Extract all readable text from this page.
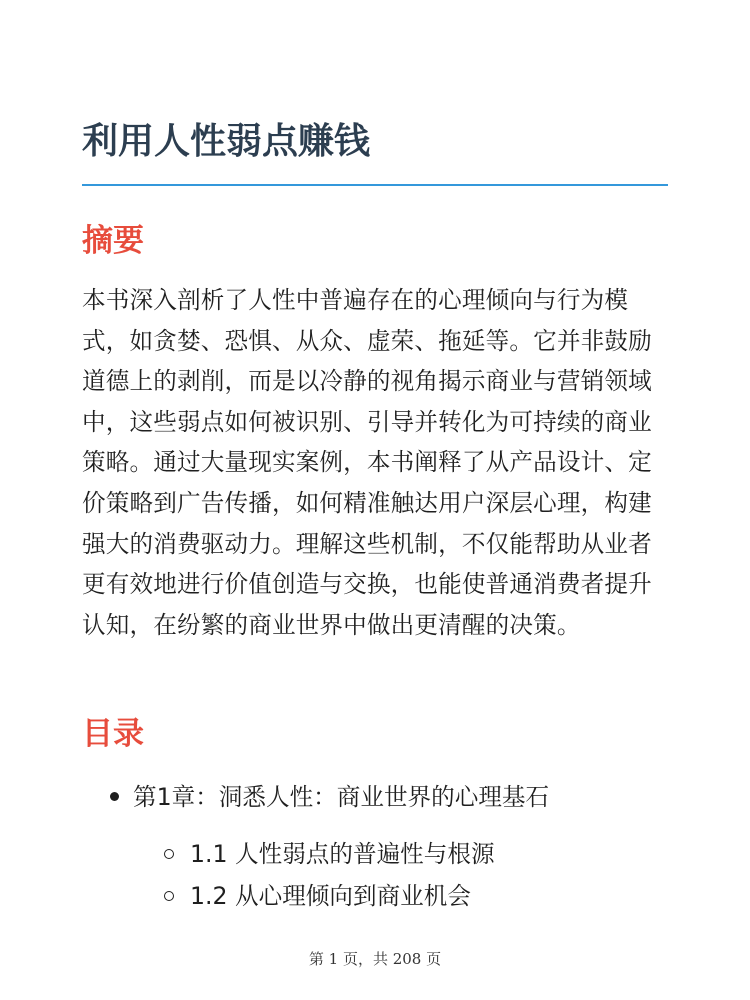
利用人性弱点赚钱
摘要

本书深入剖析了人性中普遍存在的心理倾向与行为模式，如贪婪、恐惧、从众、虚荣、拖延等。它并非鼓励道德上的剥削，而是以冷静的视角揭示商业与营销领域中，这些弱点如何被识别、引导并转化为可持续的商业策略。通过大量现实案例，本书阐释了从产品设计、定价策略到广告传播，如何精准触达用户深层心理，构建强大的消费驱动力。理解这些机制，不仅能帮助从业者更有效地进行价值创造与交换，也能使普通消费者提升认知，在纷繁的商业世界中做出更清醒的决策。

目录
第1章：洞悉人性：商业世界的心理基石
1.1 人性弱点的普遍性与根源
1.2 从心理倾向到商业机会
第 1 页，共 208 页
